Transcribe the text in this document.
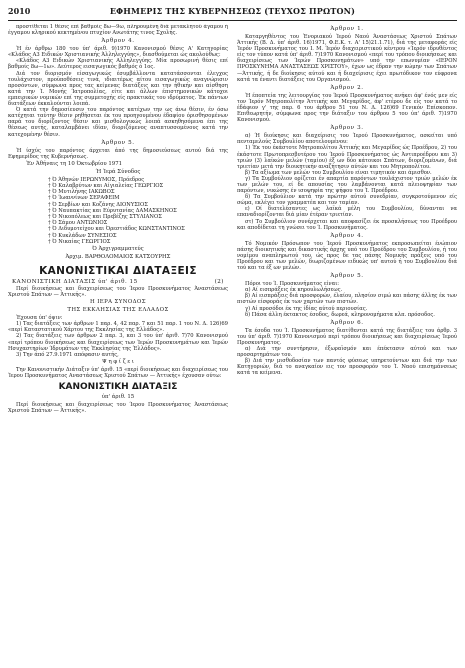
2010	ΕΦΗΜΕΡΙΣ ΤΗΣ ΚΥΒΕΡΝΗΣΕΩΣ (ΤΕΥΧΟΣ ΠΡΩΤΟΝ)

προστίθεται 1 θέσις επί βαθμοίς 8ω—9ω, πληρουμένη διά μετακλητού άγαμου ή έγγαμου κληρικού κεκτημένου πτυχίον Ανωτάτης τινος Σχολής.

Άρθρον 4.

Ή έν άρθρω 180 του ύπ' άριθ. 9)1970 Κανονισμού θέσις Α' Κατηγορίας «Κλάδος Α3 Ειδικών Χριστιανικής Άλληλεγγύης», διασθούμεται ώς ακολούθως:

«Κλάδος Α3 Ειδικών Χριστιανικής Αλληλεγγύης. Μία προσωρινή θέσις επί βαθμοίς 8ω—1ω». Δεύτερος εισαγωγικός βαθμός ό 1ος.

Διά τον διορισμόν είσαγωγικώς έσυμβάλλοντα κατατάσσονται έλεγχος τουλάχιστον, προϋποθέσεις τινά, ιδιαιτέρως αίτου εισαγωγικώς αναγνώρισιν προσόντων, σύμφωνα προς τας κείμενας διατάξεις και την ήθικήν και αίσθηση κατά την Ί. Μονής Ίατροπολίας, είτε και άλλων έπιστημονικών κάτοχοι εμπειρικών νομικών επί της συμμετοχής είς πρακτικάς του ιδρύματος. Έκ πάντων διατάξεων έκκαλούνται λοιπά.

Ό κατά την δημοσίευσιν του παρόντος κατέχων την ως άνω θέσιν, έν όσω κατέχηται ταύτην θέσιν ρηθήσεται έκ του προηγουμένου έδαφίου όρισθησομένων παρά του διορίζοντος θέσιν και μισθολογικώς λοιπά ασκηθησόμενα έπι της θέσεως αυτής, καταλαμβάνει ιδίαν, διοριζόμενος αναπτυσσομένους κατά την κατεχομένην θέσιν.

Άρθρον 5.

Ή ίσχύς του παρόντος άρχεται άπό της δημοσιεύσεως αυτού διά της Εφημερίδος της Κυβερνήσεως.

Έν Άθήναις τη 10 Όκτωβρίου 1971

Ή Ίερά Σύνοδος

† Ό Άθηνών ΙΕΡΩΝΥΜΟΣ, Πρόεδρος

† Ό Καλαβρύτων και Αίγιαλείας ΓΕΩΡΓΙΟΣ

† Ό Μυτιλήνης ΙΑΚΩΒΟΣ

† Ό Ίωαννίνων ΣΕΡΑΦΕΙΜ

† Ό Σερβίων και Κοζάνης ΔΙΟΝΥΣΙΟΣ

† Ό Ναυπακτίας και Εύρυτανίας ΔΑΜΑΣΚΗΝΟΣ

† Ό Νικοπόλεως και Πρεβέζης ΣΤΥΛΙΑΝΟΣ

† Ό Σάμου ΑΝΤΩΝΙΟΣ

† Ό Διδυμοτείχου και Όρεστιάδος ΚΩΝΣΤΑΝΤΙΝΟΣ

† Ό Κυκλάδων ΣΥΝΕΣΙΟΣ

† Ό Νικαίας ΓΕΩΡΓΙΟΣ

Ό Άρχιγραμματεύς

Άρχιμ. ΒΑΡΘΟΛΟΜΑΙΟΣ ΚΑΤΣΟΥΡΗΣ

ΚΑΝΟΝΙΣΤΙΚΑΙ ΔΙΑΤΑΞΕΙΣ
ΚΑΝΟΝΙΣΤΙΚΗ ΔΙΑΤΑΞΙΣ ύπ' άριθ. 15	(2)

Περί διοικήσεως και διαχειρίσεως του Ίερου Προσκυνήματος Άναστάσεως Χριστού Σπάτων — Άττικής».

Η ΙΕΡΑ ΣΥΝΟΔΟΣ

ΤΗΣ ΕΚΚΛΗΣΙΑΣ ΤΗΣ ΕΛΛΑΔΟΣ

Έχουσα ύπ' όψιν:

1) Τας διατάξεις των άρθρων 1 παρ. 4, 42 παρ. 7 και 51 παρ. 1 του Ν. Δ. 126)69 «περί Καταστατικού Χάρτου της Εκκλησίας της Ελλάδος».

2) Τας διατάξεις των άρθρων 2 παρ. 3, και 3 του ύπ' άριθ. 7)70 Κανονισμού «περί τρόπου διοικήσεως και διαχειρίσεως των Ίερών Προσκυνημάτων και Ίερών Ησυχαστηρίων Ίδρυμάτων της Έκκλησίας της Έλλάδος».

3) Την άπό 27.9.1971 απόφασιν αυτής,

Ψ η φ ί ζ ε ι

Την Κανονιστικήν Διάταξιν ύπ' άριθ. 15 «περί διοικήσεως και διαχειρίσεως του Ίερου Προσκυνήματος Αναστάσεως Χριστού Σπάτων — Άττικής» έχουσαν ούτω:

ΚΑΝΟΝΙΣΤΙΚΗ ΔΙΑΤΑΞΙΣ

ύπ' άριθ. 15

Περί διοικήσεως και διαχειρίσεως του Ίερου Προσκυνήματος Άναστάσεως Χριστού Σπάτων — Άττικής».

Άρθρον 1.

Καταργηθέντος του Ένοριακού Ίερού Ναού Άναστάσεως Χριστού Σπάτων Άττικής (Β. Δ. ύπ' άριθ. 16)1971, Φ.Ε.Κ. τ. Α' 15)21.1.71), διά της μεταφοράς είς Ίερόν Προσκυνήματος του Ι. Μ. Ίερόν διαχειριστικού κέντρου «Ίερόν ιδρυθέντος είς τον τύπον κατά ύπ' άριθ. 7)1970 Κανονισμού «περί του τρόπου διοικήσεως και διαχειρίσεως των Ίερών Προσκυνημάτων» υπό την επωνυμίαν «ΙΕΡΟΝ ΠΡΟΣΚΥΝΗΜΑ ΑΝΑΣΤΑΣΕΩΣ ΧΡΙΣΤΟΥ», έχων ως έδραν την κώμην των Σπάτων—Άττικής, ή δε διοίκησις αύτού και ή διαχείρισις έχει πρωτόδικον τον εύφρονα κατά τα έναντι διατάξεις του Οργανισμού.

Άρθρον 2.

Ή έποπτεία της λειτουργίας του Ίερού Προσκυνήματος ανήκει άφ' ένός μεν είς τον Ίερόν Μητροπολίτην Άττικής και Μεγαρίδος, άφ' ετέρου δε είς τον κατά το έδάφιον γ' της παρ. 6 του άρθρου 51 του Ν. Δ. 126)69 Γενικόν Επίσκοπον. Επιθεωρητήν, σύμφωνα προς την διάταξιν του άρθρου 5 του ύπ' άριθ. 7)1970 Κανονισμού.

Άρθρον 3.

α) Ή διοίκησις και διαχείρισις του Ίερού Προσκυνήματος, ασκείται υπό πενταμελούς Συμβουλίου αποτελουμένου:

1) Έκ του έκάστοτε Μητροπολίτου Άττικής και Μεγαρίδος ώς Προέδρου, 2) του έκάστοτε Πρωτοπρεσβυτέρου του Ίερού Προσκυνήματος ώς Άντιπροέδρου και 3) τριών (3) λαϊκών μελών (ταμίου) έξ ων δύο κάτοικοι Σπάτων, διοριζομένων, διά τριετίαν μετά την διοικητικήν αναζήτησιν αύτών και του Μητροπολίτου.

β) Τα αξίωμα των μελών του Συμβουλίου είναι τιμητικόν και άμισθον.

γ) Τα Συμβούλιον ορίζεται έν απαρτία παρόντων τουλάχιστον τριών μελών έκ των μελών του, εί δε απουσίας του λαμβάνονται κατά πλειοψηφίαν των παρόντων, νικώσης έν ισοψηφία της ψήφου του Ί. Προέδρου.

δ) Τα Συμβούλιον κατά την πρώτην αύτού συνεδρίαν, συγκροτούμενον είς σώμα, εκλέγει τον γραμματέα και τον ταμίαν.

ε) Οί διατελέσαντες ως λαϊκά μέλη του Συμβουλίου, δύνανται να επαναδιορίζονται διά μίαν έτέραν τριετίαν.

στ) Το Συμβούλιον συνέρχεται και αποφασίζει έκ προσκλήσεως του Προέδρου και αποδίδεται τη γνώσει του Ί. Προσκυνήματος.

Άρθρον 4.

Τό Νομικόν Πρόσωπον του Ίερού Προσκυνήματος εκπροσωπείται ένώπιον πάσης διοικητικής και δικαστικής άρχης υπό του Προέδρου του Συμβουλίου, ή του νομίμου αναπληρωτού του, ώς προς δε τας πάσης Νομικής πράξεις υπό του Προέδρου και των μελών, διωριζομένων ειδικώς υπ' αυτού ή του Συμβουλίου διά τού και τα έξ ων μελών.

Άρθρον 5.

Πόροι του Ί. Προσκυνήματος είναι:

α) Αί εισπράξεις έκ κηρουλωλήσεως.

β) Αί εισπράξεις διά προσφορών, έλαίου, πλησίον σιμώ και πάσης άλλης έκ των πιστών είσφοράς έκ των χαρτών των πιστών.

γ) Αί προσόδοι έκ της ίδίας αύτού περιουσίας.

δ) Πάσα άλλη έκτακτος έσοδος, δωρεά, κληρονομήματα κλπ. πρόσοδος.

Άρθρον 6.

Τα έσοδα του Ί. Προσκυνήματος διατίθενται κατά της διατάξεις του άρθρ. 3 του ύπ' άριθ. 7)1970 Κανονισμού περί τρόπου διοικήσεως και διαχειρίσεως Ίερού Προσκυνήματος.

α) Διά την συντήρησιν, έξωραϊσμόν και έπέκτασιν αύτού και των προσαρτημάτων του.

β) Διά την μισθοδοσίαν των παντός φύσεως υπηρετούντων και διά την των Κατηγοριών, διά το αναγκαίον εις τον προσφορόν του Ί. Ναού επισημάνσεως κατά τα κείμενα.
